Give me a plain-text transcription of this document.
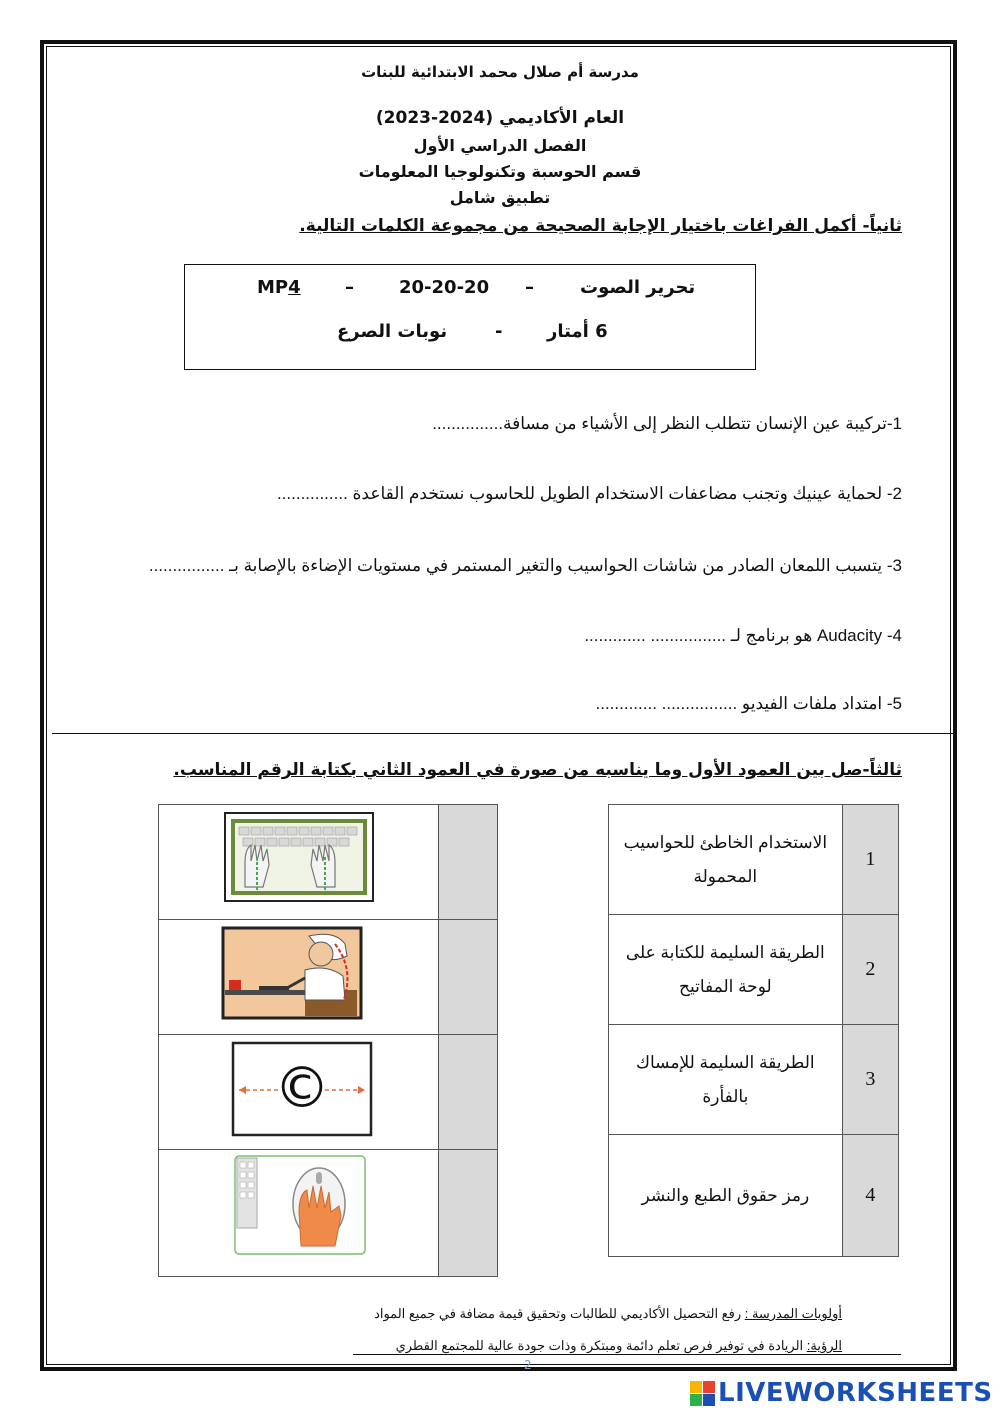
مدرسة أم صلال محمد الابتدائية للبنات
العام الأكاديمي (2024-2023)
الفصل الدراسي الأول
قسم الحوسبة وتكنولوجيا المعلومات
تطبيق شامل
ثانياً- أكمل الفراغات باختيار الإجابة الصحيحة من مجموعة الكلمات التالية.
تحرير الصوت
–
20-20-20
–
MP4
6 أمتار
-
نوبات الصرع
1-تركيبة عين الإنسان تتطلب النظر إلى الأشياء من مسافة...............
2- لحماية عينيك وتجنب مضاعفات الاستخدام الطويل للحاسوب نستخدم القاعدة ...............
3- يتسبب اللمعان الصادر من شاشات الحواسيب والتغير المستمر في مستويات الإضاءة بالإصابة بـ ................
4- Audacity هو برنامج لـ ................ .............
5- امتداد ملفات الفيديو ................ .............
ثالثاً-صل بين العمود الأول وما يناسبه من صورة في العمود الثاني بكتابة الرقم المناسب.
الاستخدام الخاطئ للحواسيب
المحمولة	1
الطريقة السليمة للكتابة على
لوحة المفاتيح	2
الطريقة السليمة للإمساك
بالفأرة	3
رمز حقوق الطبع والنشر	4

©	

أولويات المدرسة : رفع التحصيل الأكاديمي للطالبات وتحقيق قيمة مضافة في جميع المواد
الرؤية: الريادة في توفير فرص تعلم دائمة ومبتكرة وذات جودة عالية للمجتمع القطري
2
LIVEWORKSHEETS
